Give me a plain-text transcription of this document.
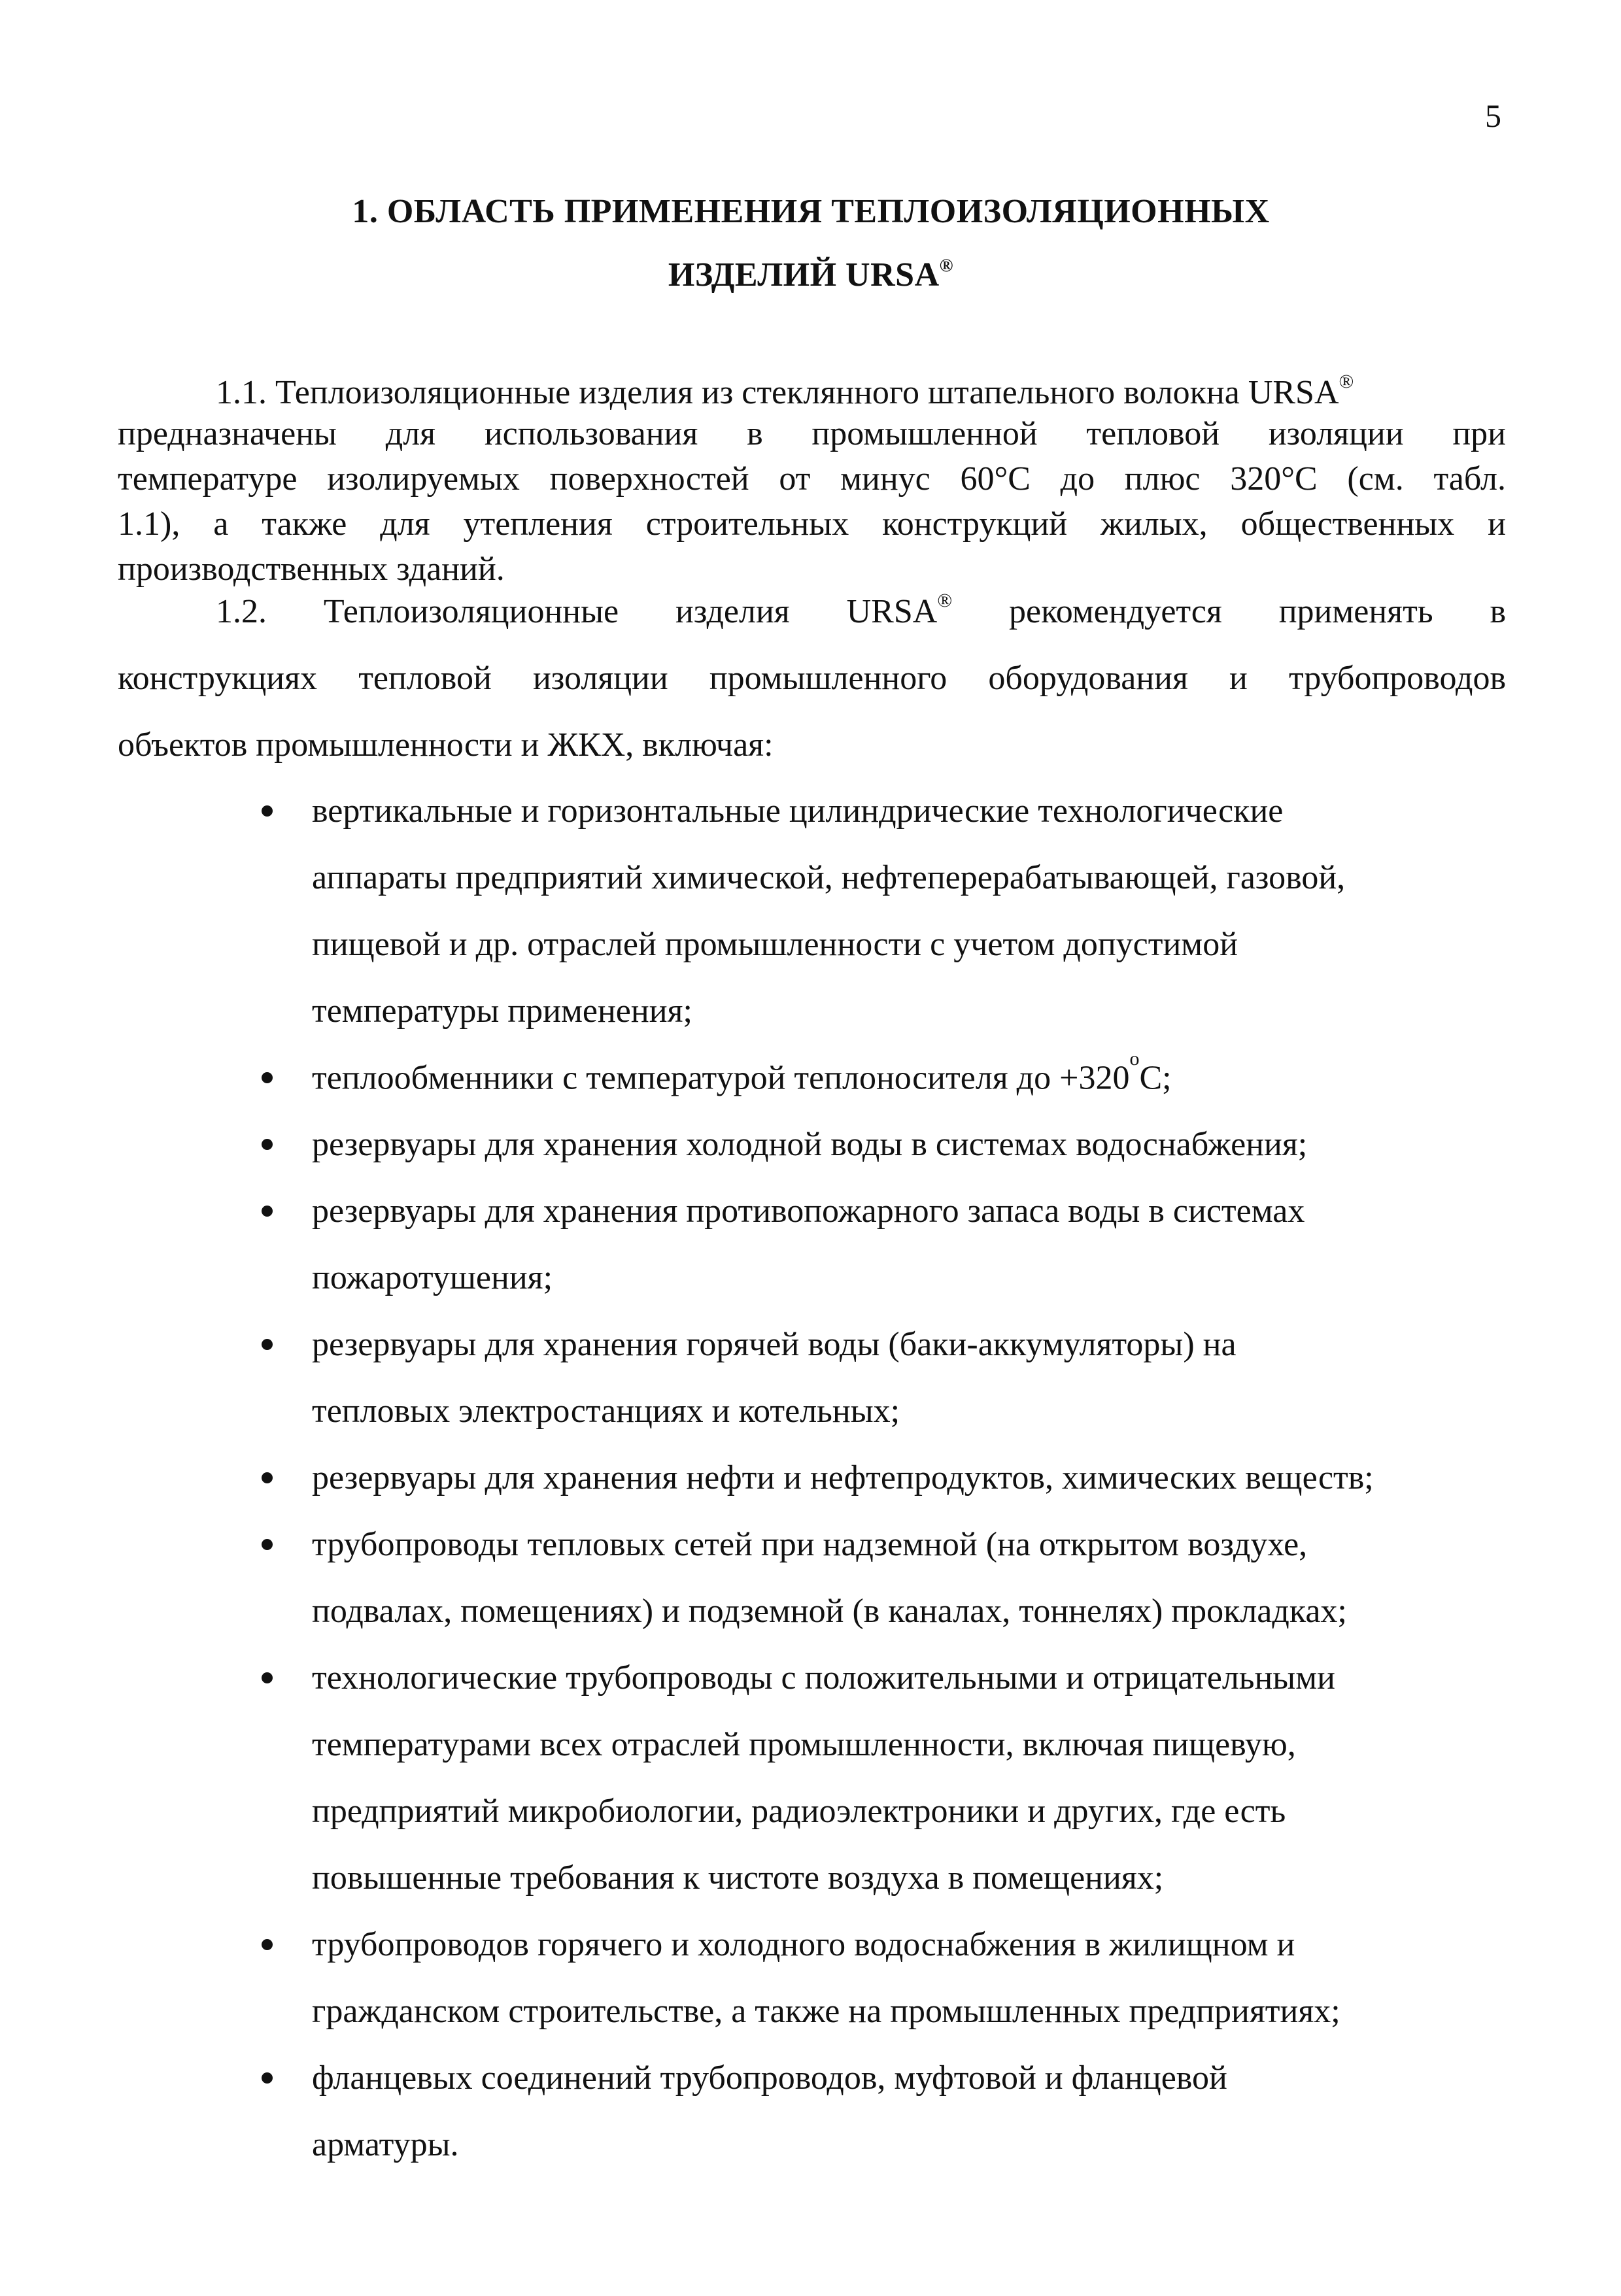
5
1. ОБЛАСТЬ ПРИМЕНЕНИЯ ТЕПЛОИЗОЛЯЦИОННЫХ
ИЗДЕЛИЙ URSA®
1.1. Теплоизоляционные изделия из стеклянного штапельного волокна URSA®
предназначены для использования в промышленной тепловой изоляции при
температуре изолируемых поверхностей от минус 60°С до плюс 320°С (см. табл.
1.1), а также для утепления строительных конструкций жилых, общественных и
производственных зданий.
1.2. Теплоизоляционные изделия URSA® рекомендуется применять в
конструкциях тепловой изоляции промышленного оборудования и трубопроводов
объектов промышленности и ЖКХ, включая:
вертикальные и горизонтальные цилиндрические технологические
аппараты предприятий химической, нефтеперерабатывающей, газовой,
пищевой и др. отраслей промышленности с учетом допустимой
температуры применения;
теплообменники с температурой теплоносителя до $+320^оС$;
резервуары для хранения холодной воды в системах водоснабжения;
резервуары для хранения противопожарного запаса воды в системах
пожаротушения;
резервуары для хранения горячей воды (баки-аккумуляторы) на
тепловых электростанциях и котельных;
резервуары для хранения нефти и нефтепродуктов, химических веществ;
трубопроводы тепловых сетей при надземной (на открытом воздухе,
подвалах, помещениях) и подземной (в каналах, тоннелях) прокладках;
технологические трубопроводы с положительными и отрицательными
температурами всех отраслей промышленности, включая пищевую,
предприятий микробиологии, радиоэлектроники и других, где есть
повышенные требования к чистоте воздуха в помещениях;
трубопроводов горячего и холодного водоснабжения в жилищном и
гражданском строительстве, а также на промышленных предприятиях;
фланцевых соединений трубопроводов, муфтовой и фланцевой
арматуры.
